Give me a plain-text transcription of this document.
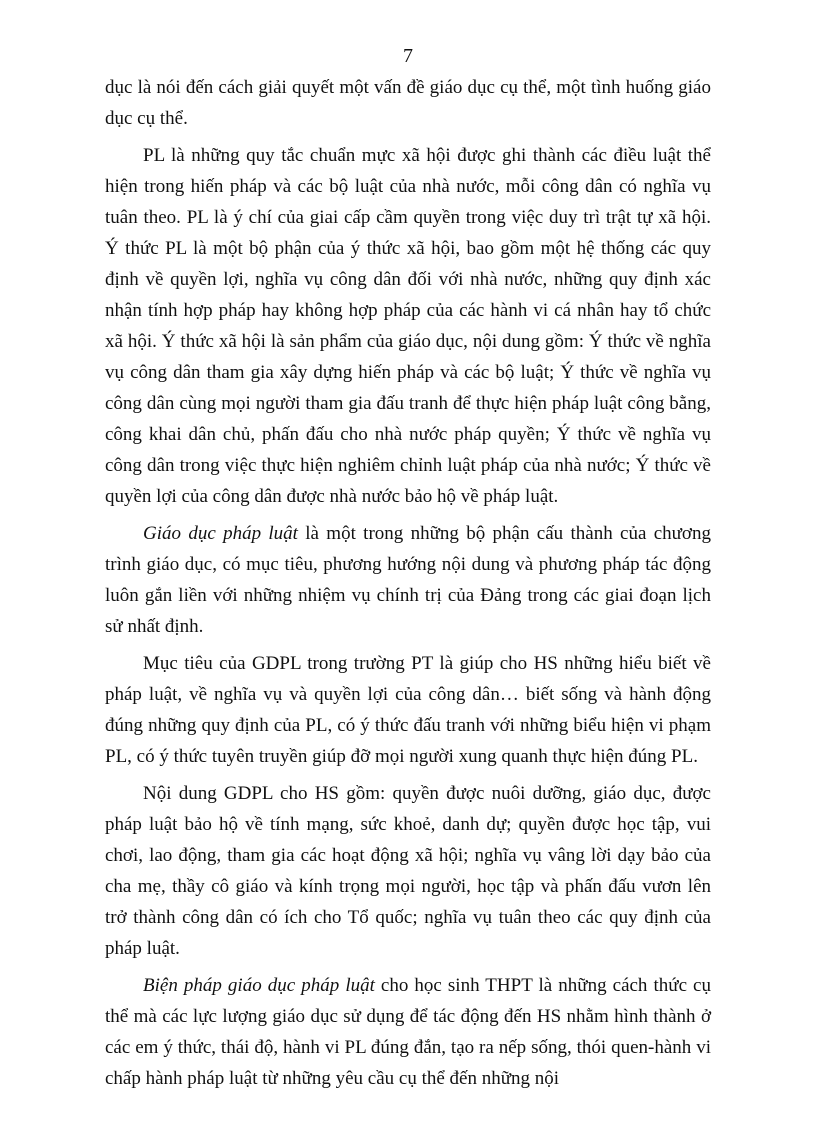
7

dục là nói đến cách giải quyết một vấn đề giáo dục cụ thể, một tình huống giáo dục cụ thể.

PL là những quy tắc chuẩn mực xã hội được ghi thành các điều luật thể hiện trong hiến pháp và các bộ luật của nhà nước, mỗi công dân có nghĩa vụ tuân theo. PL là ý chí của giai cấp cầm quyền trong việc duy trì trật tự xã hội. Ý thức PL là một bộ phận của ý thức xã hội, bao gồm một hệ thống các quy định về quyền lợi, nghĩa vụ công dân đối với nhà nước, những quy định xác nhận tính hợp pháp hay không hợp pháp của các hành vi cá nhân hay tổ chức xã hội. Ý thức xã hội là sản phẩm của giáo dục, nội dung gồm: Ý thức về nghĩa vụ công dân tham gia xây dựng hiến pháp và các bộ luật; Ý thức về nghĩa vụ công dân cùng mọi người tham gia đấu tranh để thực hiện pháp luật công bằng, công khai dân chủ, phấn đấu cho nhà nước pháp quyền; Ý thức về nghĩa vụ công dân trong việc thực hiện nghiêm chỉnh luật pháp của nhà nước; Ý thức về quyền lợi của công dân được nhà nước bảo hộ về pháp luật.

Giáo dục pháp luật là một trong những bộ phận cấu thành của chương trình giáo dục, có mục tiêu, phương hướng nội dung và phương pháp tác động luôn gắn liền với những nhiệm vụ chính trị của Đảng trong các giai đoạn lịch sử nhất định.

Mục tiêu của GDPL trong trường PT là giúp cho HS những hiểu biết về pháp luật, về nghĩa vụ và quyền lợi của công dân… biết sống và hành động đúng những quy định của PL, có ý thức đấu tranh với những biểu hiện vi phạm PL, có ý thức tuyên truyền giúp đỡ mọi người xung quanh thực hiện đúng PL.

Nội dung GDPL cho HS gồm: quyền được nuôi dưỡng, giáo dục, được pháp luật bảo hộ về tính mạng, sức khoẻ, danh dự; quyền được học tập, vui chơi, lao động, tham gia các hoạt động xã hội; nghĩa vụ vâng lời dạy bảo của cha mẹ, thầy cô giáo và kính trọng mọi người, học tập và phấn đấu vươn lên trở thành công dân có ích cho Tổ quốc; nghĩa vụ tuân theo các quy định của pháp luật.

Biện pháp giáo dục pháp luật cho học sinh THPT là những cách thức cụ thể mà các lực lượng giáo dục sử dụng để tác động đến HS nhằm hình thành ở các em ý thức, thái độ, hành vi PL đúng đắn, tạo ra nếp sống, thói quen-hành vi chấp hành pháp luật từ những yêu cầu cụ thể đến những nội
